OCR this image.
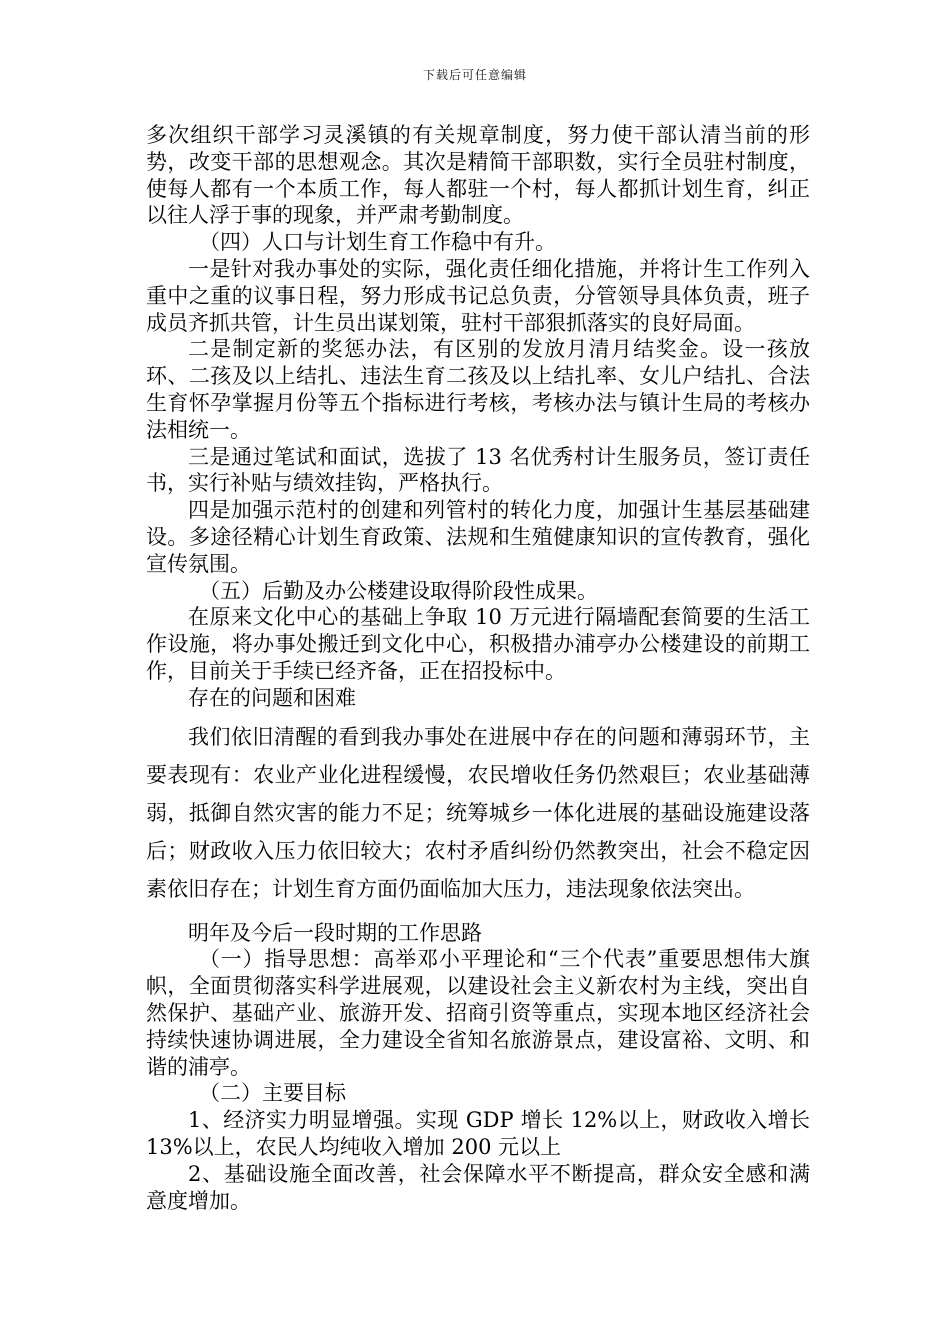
下载后可任意编辑

多次组织干部学习灵溪镇的有关规章制度，努力使干部认清当前的形势，改变干部的思想观念。其次是精简干部职数，实行全员驻村制度，使每人都有一个本质工作，每人都驻一个村，每人都抓计划生育，纠正以往人浮于事的现象，并严肃考勤制度。

（四）人口与计划生育工作稳中有升。

一是针对我办事处的实际，强化责任细化措施，并将计生工作列入重中之重的议事日程，努力形成书记总负责，分管领导具体负责，班子成员齐抓共管，计生员出谋划策，驻村干部狠抓落实的良好局面。

二是制定新的奖惩办法，有区别的发放月清月结奖金。设一孩放环、二孩及以上结扎、违法生育二孩及以上结扎率、女儿户结扎、合法生育怀孕掌握月份等五个指标进行考核，考核办法与镇计生局的考核办法相统一。

三是通过笔试和面试，选拔了 13 名优秀村计生服务员，签订责任书，实行补贴与绩效挂钩，严格执行。

四是加强示范村的创建和列管村的转化力度，加强计生基层基础建设。多途径精心计划生育政策、法规和生殖健康知识的宣传教育，强化宣传氛围。

（五）后勤及办公楼建设取得阶段性成果。

在原来文化中心的基础上争取 10 万元进行隔墙配套简要的生活工作设施，将办事处搬迁到文化中心，积极措办浦亭办公楼建设的前期工作，目前关于手续已经齐备，正在招投标中。

存在的问题和困难

我们依旧清醒的看到我办事处在进展中存在的问题和薄弱环节，主要表现有：农业产业化进程缓慢，农民增收任务仍然艰巨；农业基础薄弱，抵御自然灾害的能力不足；统筹城乡一体化进展的基础设施建设落后；财政收入压力依旧较大；农村矛盾纠纷仍然教突出，社会不稳定因素依旧存在；计划生育方面仍面临加大压力，违法现象依法突出。

明年及今后一段时期的工作思路

（一）指导思想：高举邓小平理论和“三个代表”重要思想伟大旗帜，全面贯彻落实科学进展观，以建设社会主义新农村为主线，突出自然保护、基础产业、旅游开发、招商引资等重点，实现本地区经济社会持续快速协调进展，全力建设全省知名旅游景点，建设富裕、文明、和谐的浦亭。

（二）主要目标

1、经济实力明显增强。实现 GDP 增长 12%以上，财政收入增长 13%以上，农民人均纯收入增加 200 元以上

2、基础设施全面改善，社会保障水平不断提高，群众安全感和满意度增加。
